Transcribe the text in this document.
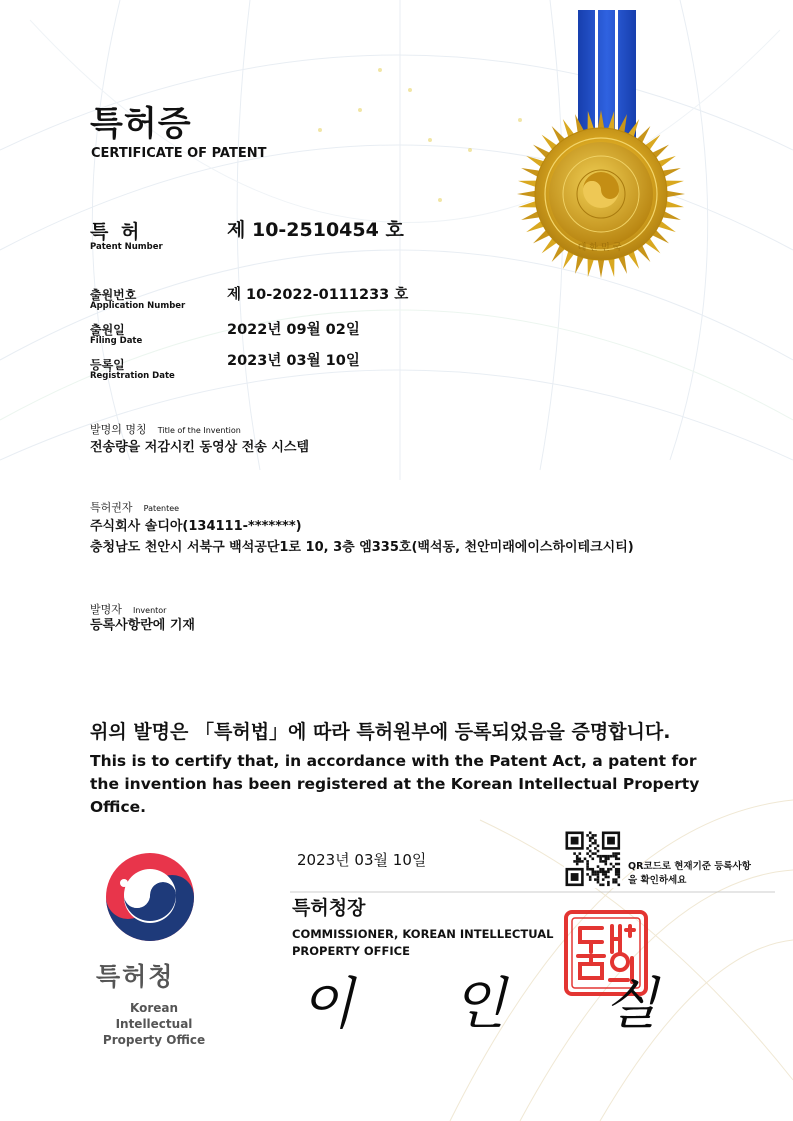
대한민국
특허증
CERTIFICATE OF PATENT
특 허
Patent Number
제 10-2510454 호
출원번호
Application Number
제 10-2022-0111233 호
출원일
Filing Date
2022년 09월 02일
등록일
Registration Date
2023년 03월 10일
발명의 명칭 Title of the Invention
전송량을 저감시킨 동영상 전송 시스템
특허권자 Patentee
주식회사 솔디아(134111-*******)
충청남도 천안시 서북구 백석공단1로 10, 3층 엠335호(백석동, 천안미래에이스하이테크시티)
발명자 Inventor
등록사항란에 기재
위의 발명은 「특허법」에 따라 특허원부에 등록되었음을 증명합니다.
This is to certify that, in accordance with the Patent Act, a patent for the invention has been registered at the Korean Intellectual Property Office.
2023년 03월 10일	QR코드로 현재기준 등록사항을 확인하세요
특허청장
COMMISSIONER, KOREAN INTELLECTUAL PROPERTY OFFICE
이 인 실
특허청
Korean Intellectual Property Office
